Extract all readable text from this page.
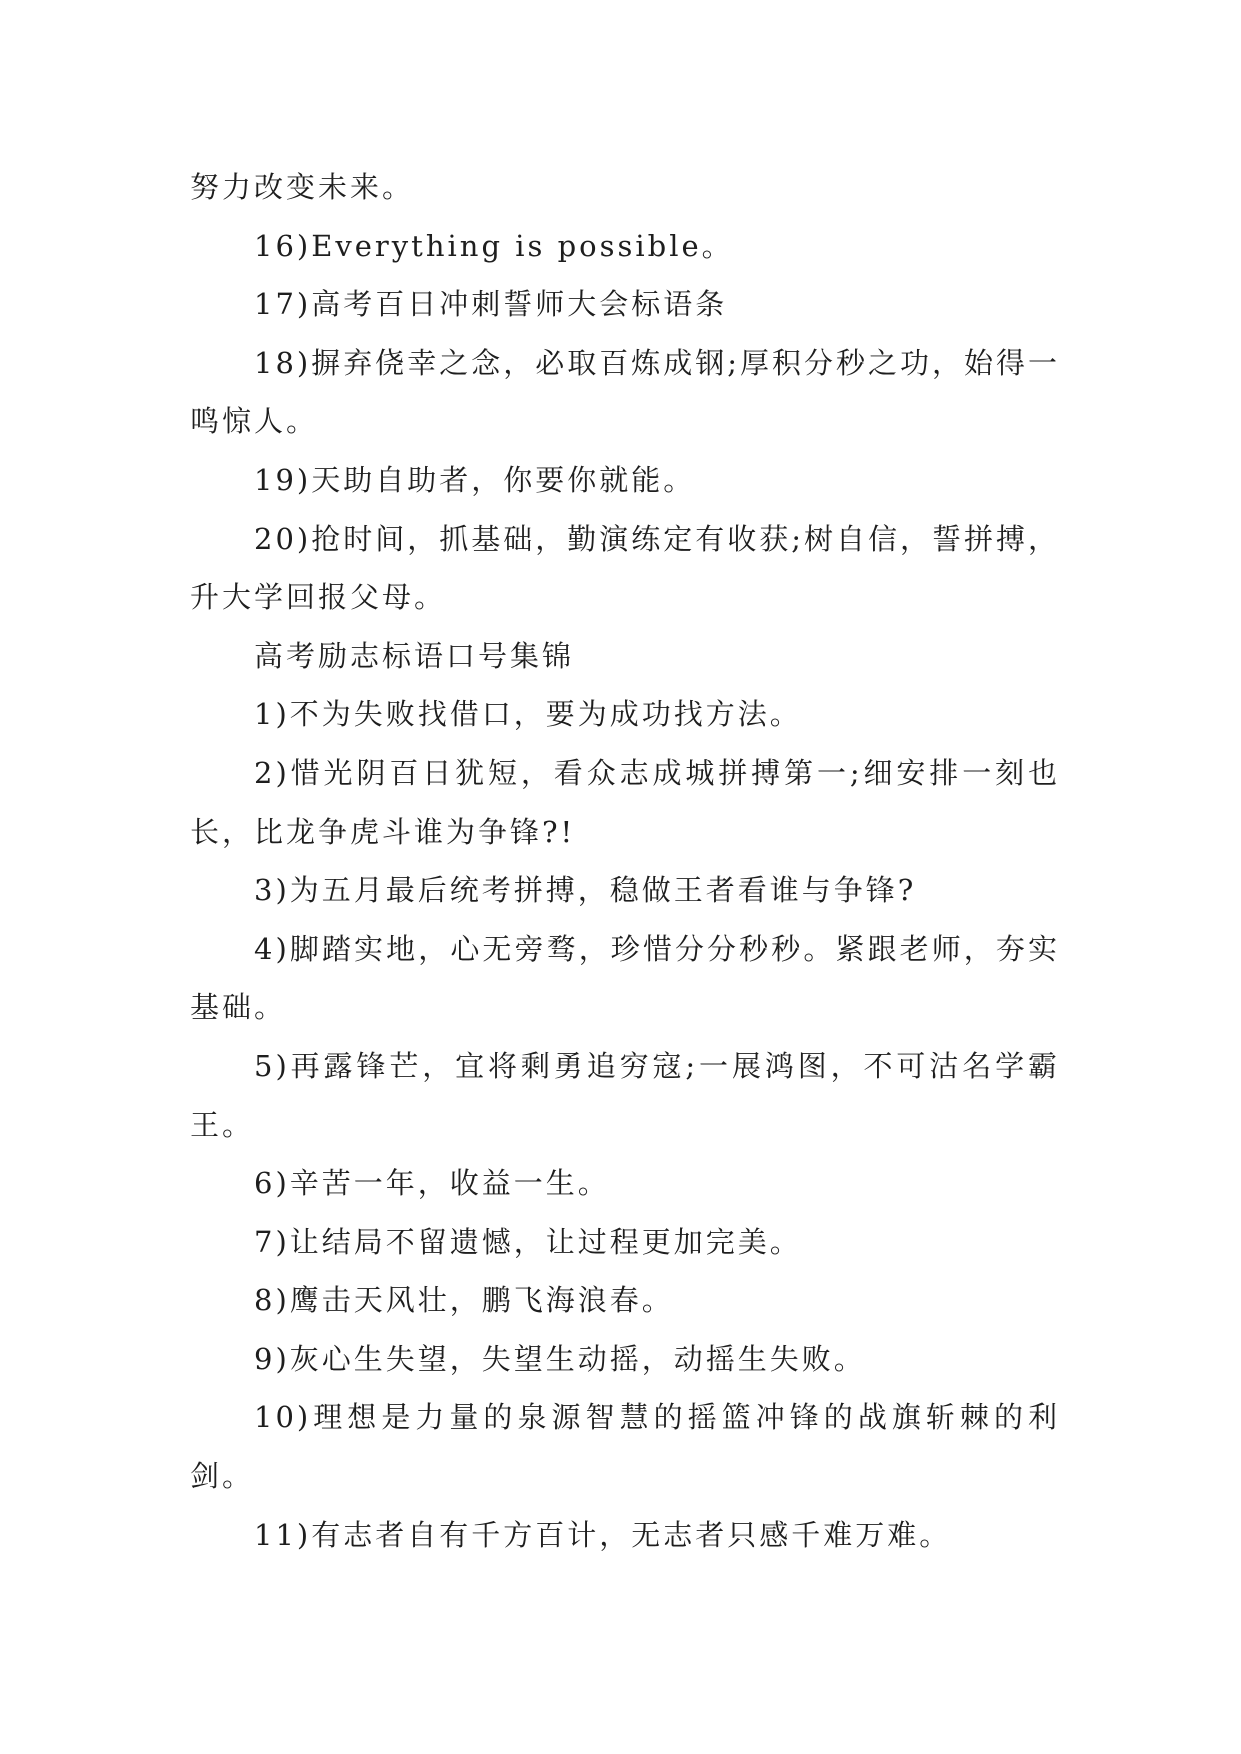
努力改变未来。

16)Everything is possible。

17)高考百日冲刺誓师大会标语条

18)摒弃侥幸之念，必取百炼成钢;厚积分秒之功，始得一鸣惊人。

19)天助自助者，你要你就能。

20)抢时间，抓基础，勤演练定有收获;树自信，誓拼搏，升大学回报父母。

高考励志标语口号集锦

1)不为失败找借口，要为成功找方法。

2)惜光阴百日犹短，看众志成城拼搏第一;细安排一刻也长，比龙争虎斗谁为争锋?!

3)为五月最后统考拼搏，稳做王者看谁与争锋?

4)脚踏实地，心无旁骛，珍惜分分秒秒。紧跟老师，夯实基础。

5)再露锋芒，宜将剩勇追穷寇;一展鸿图，不可沽名学霸王。

6)辛苦一年，收益一生。

7)让结局不留遗憾，让过程更加完美。

8)鹰击天风壮，鹏飞海浪春。

9)灰心生失望，失望生动摇，动摇生失败。

10)理想是力量的泉源智慧的摇篮冲锋的战旗斩棘的利剑。

11)有志者自有千方百计，无志者只感千难万难。
